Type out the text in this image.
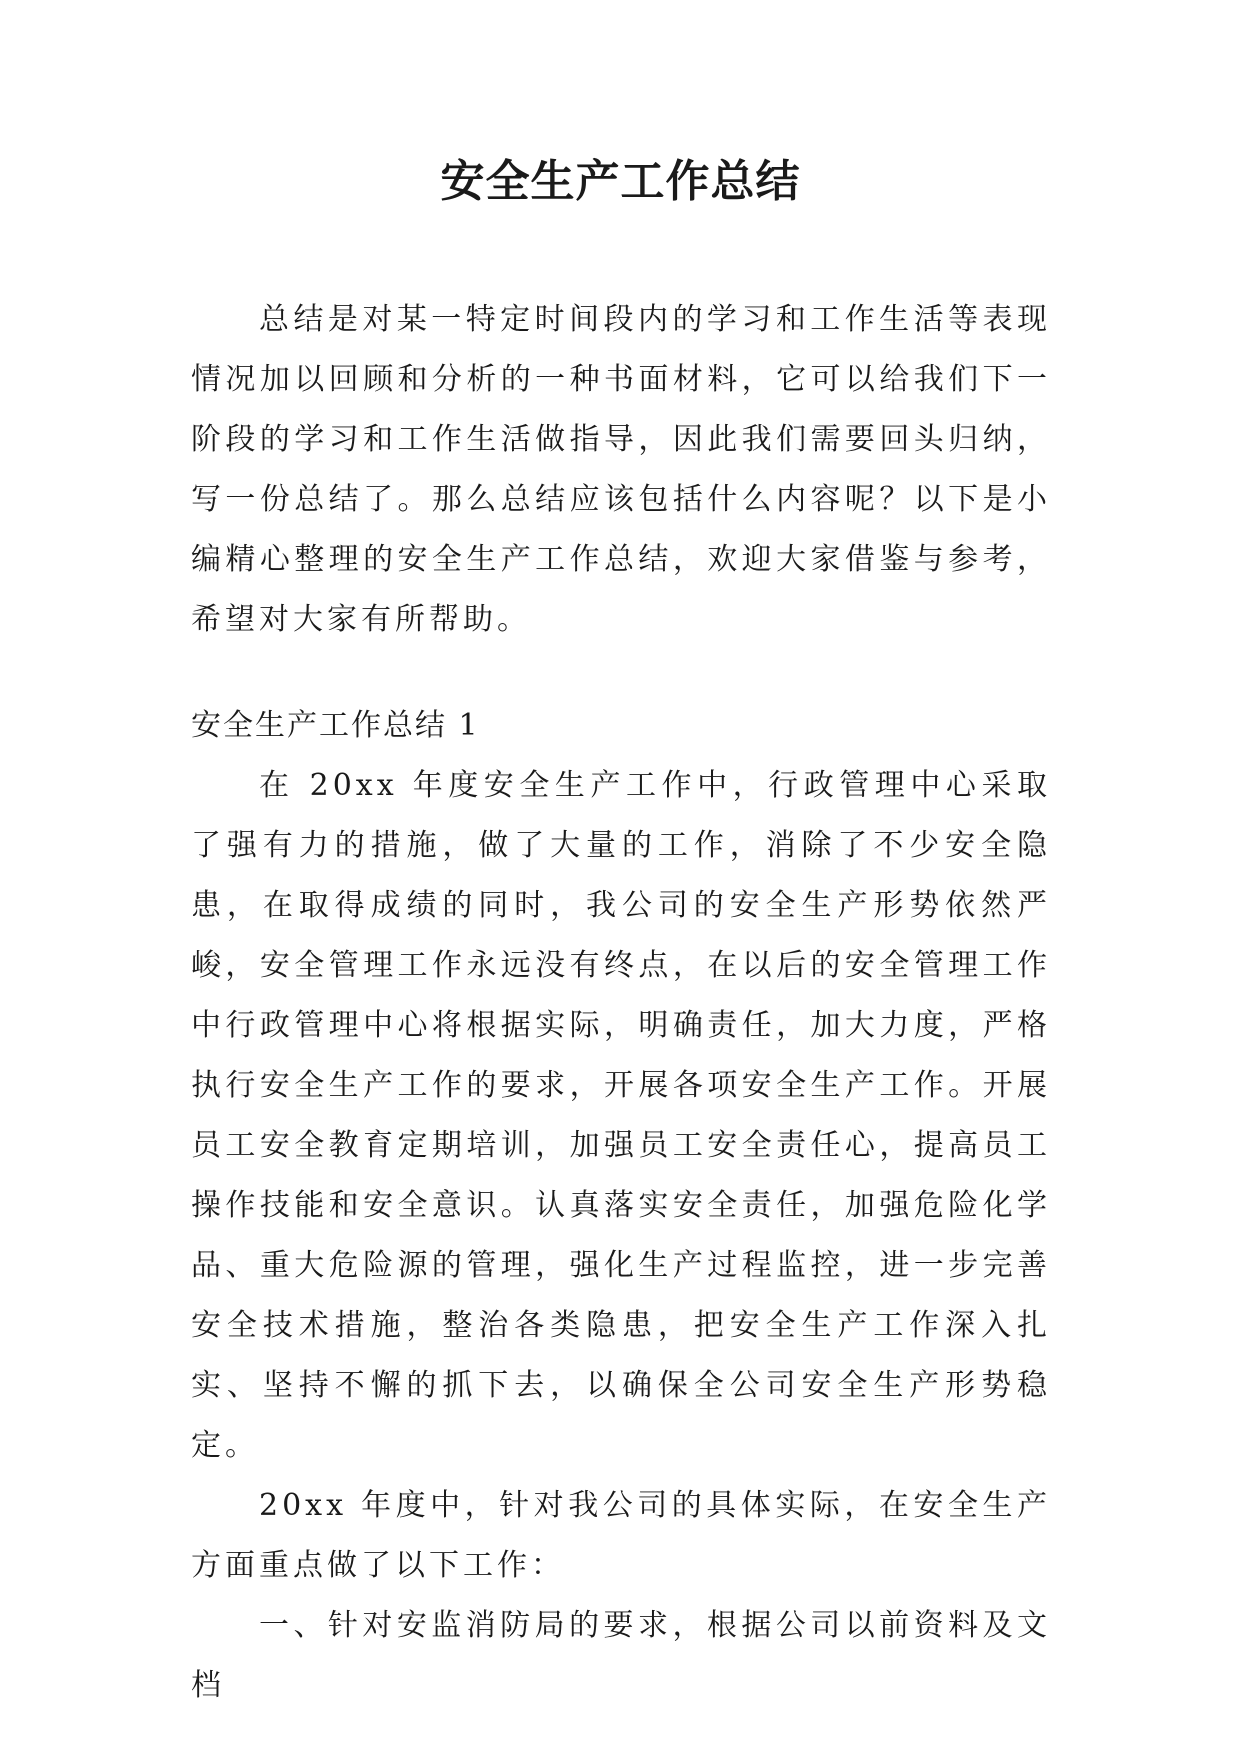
安全生产工作总结

总结是对某一特定时间段内的学习和工作生活等表现情况加以回顾和分析的一种书面材料，它可以给我们下一阶段的学习和工作生活做指导，因此我们需要回头归纳，写一份总结了。那么总结应该包括什么内容呢？以下是小编精心整理的安全生产工作总结，欢迎大家借鉴与参考，希望对大家有所帮助。

安全生产工作总结 1

在 20xx 年度安全生产工作中，行政管理中心采取了强有力的措施，做了大量的工作，消除了不少安全隐患，在取得成绩的同时，我公司的安全生产形势依然严峻，安全管理工作永远没有终点，在以后的安全管理工作中行政管理中心将根据实际，明确责任，加大力度，严格执行安全生产工作的要求，开展各项安全生产工作。开展员工安全教育定期培训，加强员工安全责任心，提高员工操作技能和安全意识。认真落实安全责任，加强危险化学品、重大危险源的管理，强化生产过程监控，进一步完善安全技术措施，整治各类隐患，把安全生产工作深入扎实、坚持不懈的抓下去，以确保全公司安全生产形势稳定。

20xx 年度中，针对我公司的具体实际，在安全生产方面重点做了以下工作：

一、针对安监消防局的要求，根据公司以前资料及文档
